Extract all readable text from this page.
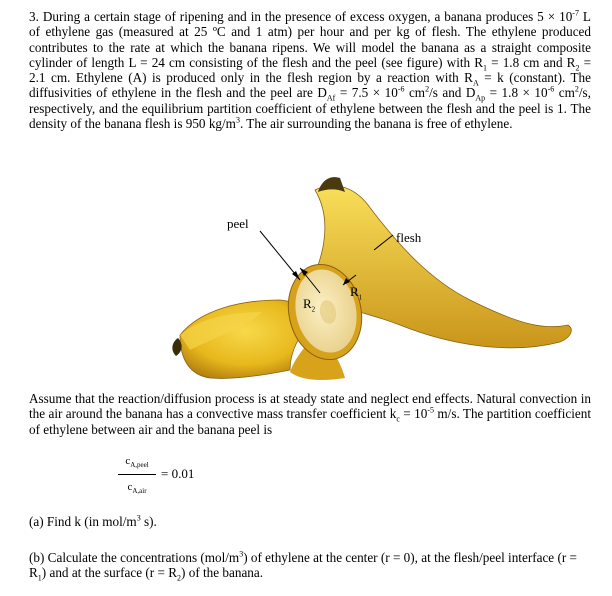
3. During a certain stage of ripening and in the presence of excess oxygen, a banana produces $5 \times 10^{-7}$ L of ethylene gas (measured at 25 ºC and 1 atm) per hour and per kg of flesh. The ethylene produced contributes to the rate at which the banana ripens. We will model the banana as a straight composite cylinder of length L = 24 cm consisting of the flesh and the peel (see figure) with $R_1 = 1.8$ cm and $R_2 = 2.1$ cm. Ethylene (A) is produced only in the flesh region by a reaction with $R_A = k$ (constant). The diffusivities of ethylene in the flesh and the peel are $D_{Af} = 7.5 \times 10^{-6}$ $cm^2/s$ and $D_{Ap} = 1.8 \times 10^{-6}$ $cm^2/s$, respectively, and the equilibrium partition coefficient of ethylene between the flesh and the peel is 1. The density of the banana flesh is 950 $kg/m^3$. The air surrounding the banana is free of ethylene.

peel
flesh
$R_2$
$R_1$

Assume that the reaction/diffusion process is at steady state and neglect end effects. Natural convection in the air around the banana has a convective mass transfer coefficient $k_c = 10^{-5}$ m/s. The partition coefficient of ethylene between air and the banana peel is

$c_{A,peel}$
$c_{A,air}$
= 0.01
(a) Find k (in mol/$m^3$ s).
(b) Calculate the concentrations $(mol/m^3)$ of ethylene at the center (r = 0), at the flesh/peel interface $(r = R_1)$ and at the surface $(r = R_2)$ of the banana.
